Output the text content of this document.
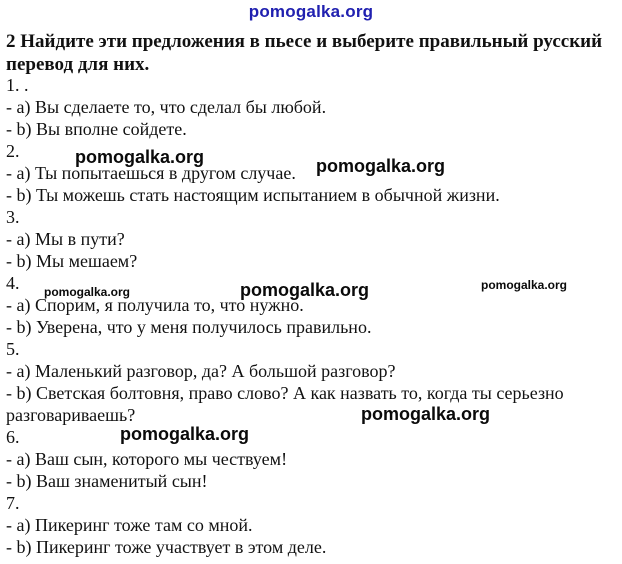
pomogalka.org
2 Найдите эти предложения в пьесе и выберите правильный русский перевод для них.
1. .
- a) Вы сделаете то, что сделал бы любой.
- b) Вы вполне сойдете.
2.
- a) Ты попытаешься в другом случае.
- b) Ты можешь стать настоящим испытанием в обычной жизни.
3.
- a) Мы в пути?
- b) Мы мешаем?
4.
- a) Спорим, я получила то, что нужно.
- b) Уверена, что у меня получилось правильно.
5.
- a) Маленький разговор, да? А большой разговор?
- b) Светская болтовня, право слово? А как назвать то, когда ты серьезно
разговариваешь?
6.
- a) Ваш сын, которого мы чествуем!
- b) Ваш знаменитый сын!
7.
- a) Пикеринг тоже там со мной.
- b) Пикеринг тоже участвует в этом деле.
pomogalka.org	pomogalka.org
pomogalka.org	pomogalka.org	pomogalka.org
pomogalka.org
pomogalka.org
